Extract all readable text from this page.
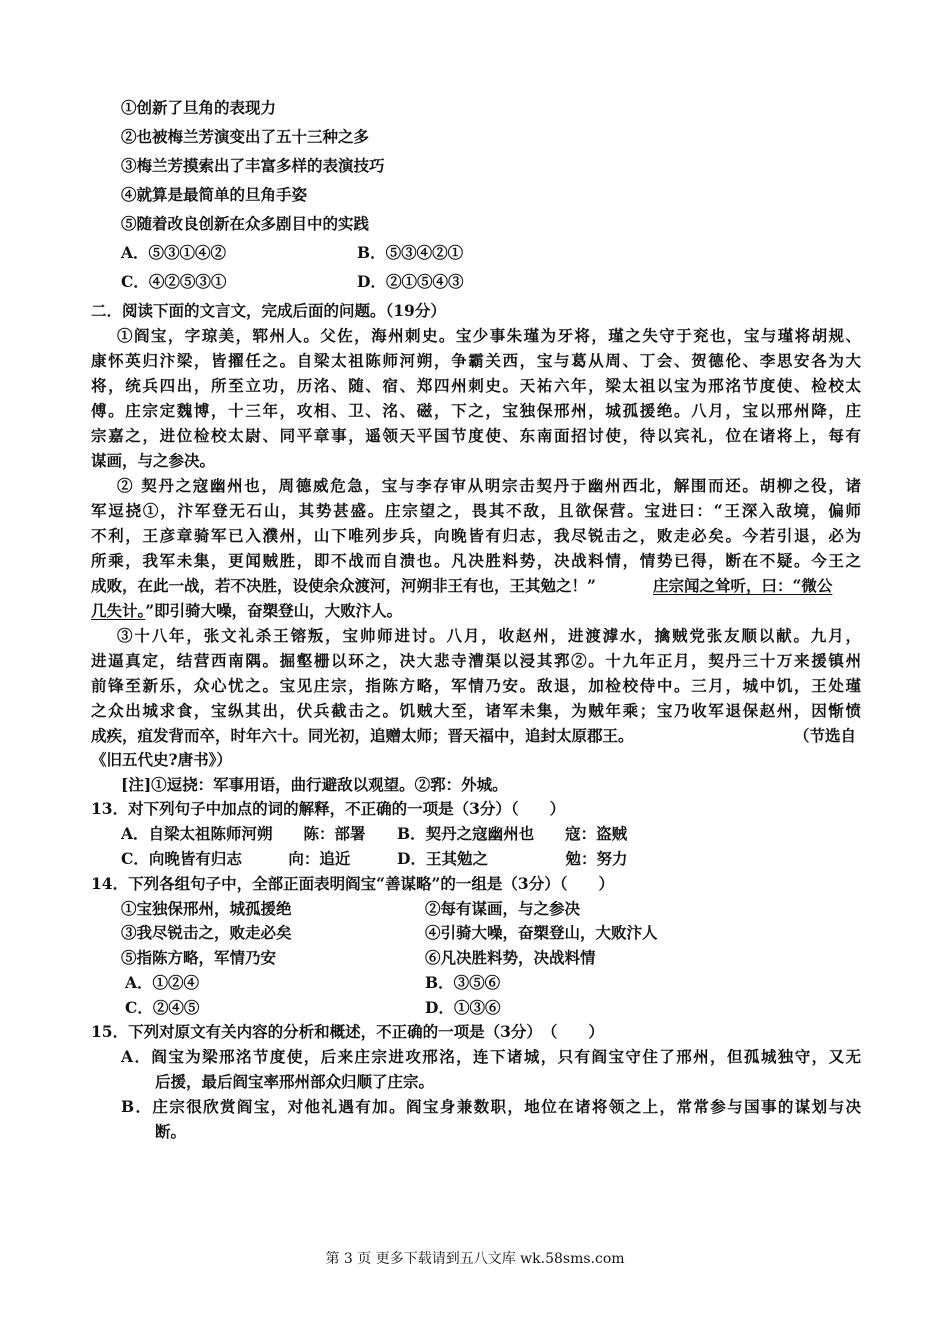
①创新了旦角的表现力
②也被梅兰芳演变出了五十三种之多
③梅兰芳摸索出了丰富多样的表演技巧
④就算是最简单的旦角手姿
⑤随着改良创新在众多剧目中的实践
A．⑤③①④②	B．⑤③④②①
C．④②⑤③①	D．②①⑤④③
二．阅读下面的文言文，完成后面的问题。（19分）
①阎宝，字琼美，郓州人。父佐，海州刺史。宝少事朱瑾为牙将，瑾之失守于兖也，宝与瑾将胡规、
康怀英归汴梁，皆擢任之。自梁太祖陈师河朔，争霸关西，宝与葛从周、丁会、贺德伦、李思安各为大
将，统兵四出，所至立功，历洺、随、宿、郑四州刺史。天祐六年，梁太祖以宝为邢洺节度使、检校太
傅。庄宗定魏博，十三年，攻相、卫、洺、磁，下之，宝独保邢州，城孤援绝。八月，宝以邢州降，庄
宗嘉之，进位检校太尉、同平章事，遥领天平国节度使、东南面招讨使，待以宾礼，位在诸将上，每有
谋画，与之参决。
② 契丹之寇幽州也，周德威危急，宝与李存审从明宗击契丹于幽州西北，解围而还。胡柳之役，诸
军逗挠①，汴军登无石山，其势甚盛。庄宗望之，畏其不敌，且欲保营。宝进曰：“王深入敌境，偏师
不利，王彦章骑军已入濮州，山下唯列步兵，向晚皆有归志，我尽锐击之，败走必矣。今若引退，必为
所乘，我军未集，更闻贼胜，即不战而自溃也。凡决胜料势，决战料情，情势已得，断在不疑。今王之
成败，在此一战，若不决胜，设使余众渡河，河朔非王有也，王其勉之！”	庄宗闻之耸听，曰：“微公
几失计。”即引骑大噪，奋槊登山，大败汴人。
③十八年，张文礼杀王镕叛，宝帅师进讨。八月，收赵州，进渡滹水，擒贼党张友顺以献。九月，
进逼真定，结营西南隅。掘壑栅以环之，决大悲寺漕渠以浸其郛②。十九年正月，契丹三十万来援镇州
前锋至新乐，众心忧之。宝见庄宗，指陈方略，军情乃安。敌退，加检校侍中。三月，城中饥，王处瑾
之众出城求食，宝纵其出，伏兵截击之。饥贼大至，诸军未集，为贼年乘；宝乃收军退保赵州，因惭愤
成疾，疽发背而卒，时年六十。同光初，追赠太师；晋天福中，追封太原郡王。	（节选自
《旧五代史?唐书》）
[注]①逗挠：军事用语，曲行避敌以观望。②郛：外城。
13．对下列句子中加点的词的解释，不正确的一项是（3分）（　　）
A．自梁太祖陈师河朔　　陈：部署 B．契丹之寇幽州也　　寇：盗贼
C．向晚皆有归志　　　向：追近	D．王其勉之　　　　　勉：努力
14．下列各组句子中，全部正面表明阎宝“善谋略”的一组是（3分）（　　）
①宝独保邢州，城孤援绝	②每有谋画，与之参决
③我尽锐击之，败走必矣	④引骑大噪，奋槊登山，大败汴人
⑤指陈方略，军情乃安	⑥凡决胜料势，决战料情
A．①②④	B．③⑤⑥
C．②④⑤	D．①③⑥
15．下列对原文有关内容的分析和概述，不正确的一项是（3分）　（　　）
A．阎宝为梁邢洺节度使，后来庄宗进攻邢洺，连下诸城，只有阎宝守住了邢州，但孤城独守，又无
后援，最后阎宝率邢州部众归顺了庄宗。
B．庄宗很欣赏阎宝，对他礼遇有加。阎宝身兼数职，地位在诸将领之上，常常参与国事的谋划与决
断。
第 3 页 更多下载请到五八文库 wk.58sms.com
